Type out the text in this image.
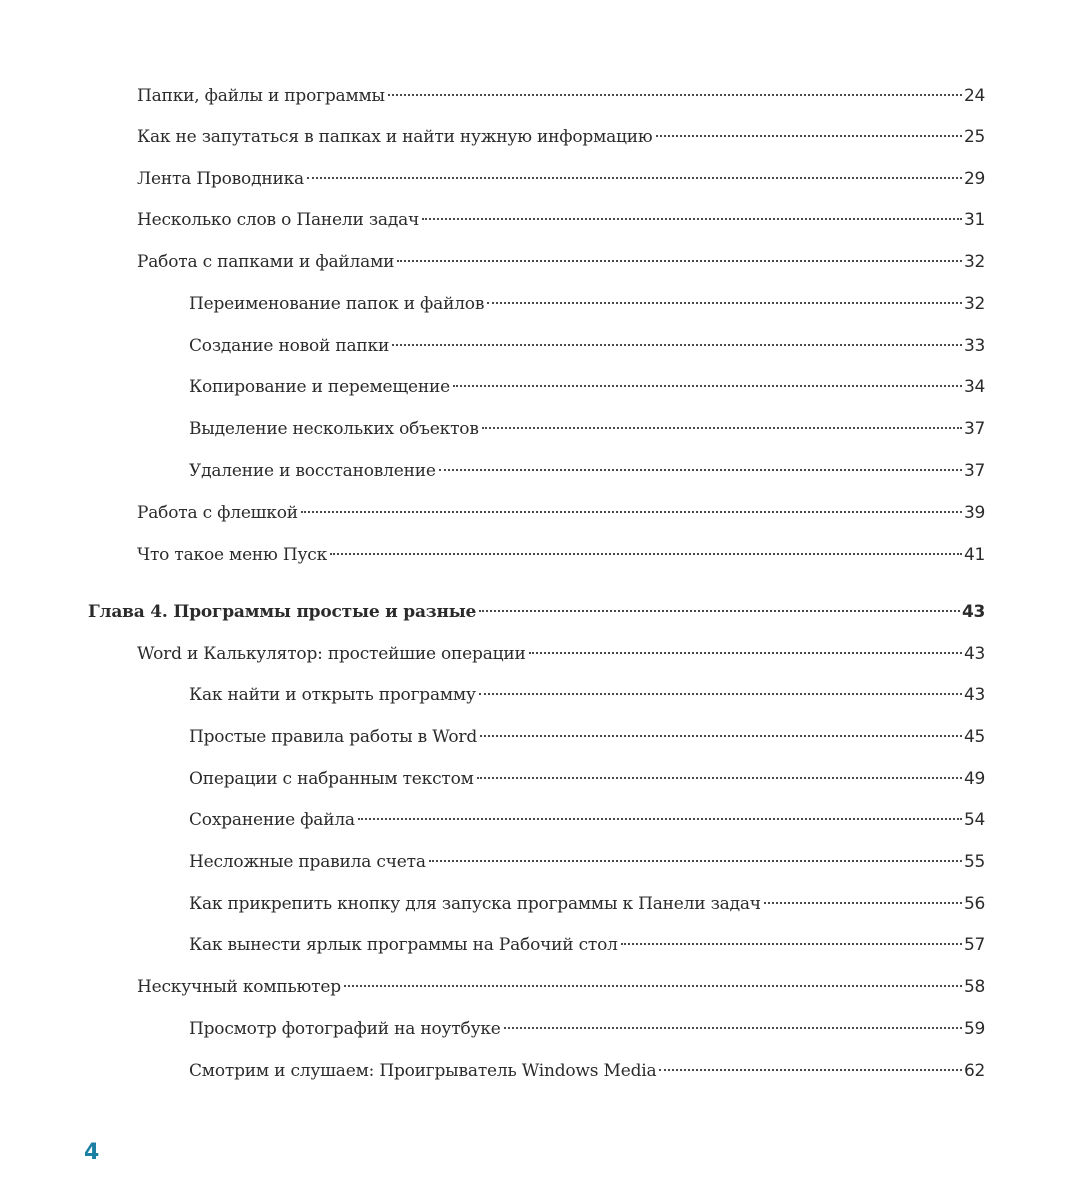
Папки, файлы и программы	24
Как не запутаться в папках и найти нужную информацию	25
Лента Проводника	29
Несколько слов о Панели задач	31
Работа с папками и файлами	32
Переименование папок и файлов	32
Создание новой папки	33
Копирование и перемещение	34
Выделение нескольких объектов	37
Удаление и восстановление	37
Работа с флешкой	39
Что такое меню Пуск	41
Глава 4. Программы простые и разные	43
Word и Калькулятор: простейшие операции	43
Как найти и открыть программу	43
Простые правила работы в Word	45
Операции с набранным текстом	49
Сохранение файла	54
Несложные правила счета	55
Как прикрепить кнопку для запуска программы к Панели задач	56
Как вынести ярлык программы на Рабочий стол	57
Нескучный компьютер	58
Просмотр фотографий на ноутбуке	59
Смотрим и слушаем: Проигрыватель Windows Media	62
4
